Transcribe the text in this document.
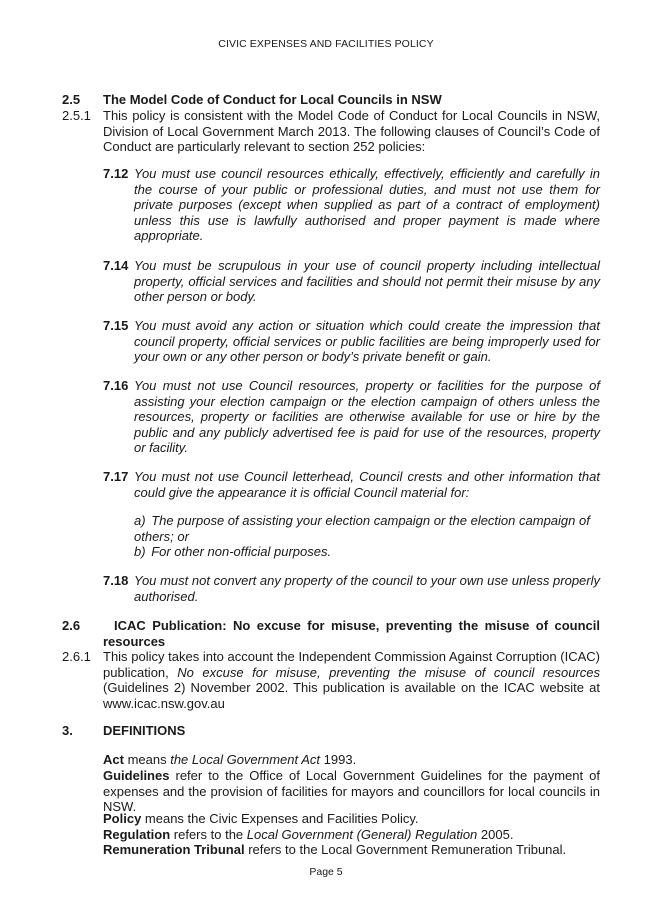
CIVIC EXPENSES AND FACILITIES POLICY
2.5 The Model Code of Conduct for Local Councils in NSW
2.5.1 This policy is consistent with the Model Code of Conduct for Local Councils in NSW, Division of Local Government March 2013. The following clauses of Council’s Code of Conduct are particularly relevant to section 252 policies:
7.12 You must use council resources ethically, effectively, efficiently and carefully in the course of your public or professional duties, and must not use them for private purposes (except when supplied as part of a contract of employment) unless this use is lawfully authorised and proper payment is made where appropriate.
7.14 You must be scrupulous in your use of council property including intellectual property, official services and facilities and should not permit their misuse by any other person or body.
7.15 You must avoid any action or situation which could create the impression that council property, official services or public facilities are being improperly used for your own or any other person or body’s private benefit or gain.
7.16 You must not use Council resources, property or facilities for the purpose of assisting your election campaign or the election campaign of others unless the resources, property or facilities are otherwise available for use or hire by the public and any publicly advertised fee is paid for use of the resources, property or facility.
7.17 You must not use Council letterhead, Council crests and other information that could give the appearance it is official Council material for:
a) The purpose of assisting your election campaign or the election campaign of others; or
b) For other non-official purposes.
7.18 You must not convert any property of the council to your own use unless properly authorised.
2.6	ICAC Publication: No excuse for misuse, preventing the misuse of council resources
2.6.1 This policy takes into account the Independent Commission Against Corruption (ICAC) publication, No excuse for misuse, preventing the misuse of council resources (Guidelines 2) November 2002. This publication is available on the ICAC website at www.icac.nsw.gov.au
3. DEFINITIONS
Act means the Local Government Act 1993.
Guidelines refer to the Office of Local Government Guidelines for the payment of expenses and the provision of facilities for mayors and councillors for local councils in NSW.
Policy means the Civic Expenses and Facilities Policy.
Regulation refers to the Local Government (General) Regulation 2005.
Remuneration Tribunal refers to the Local Government Remuneration Tribunal.
Page 5
